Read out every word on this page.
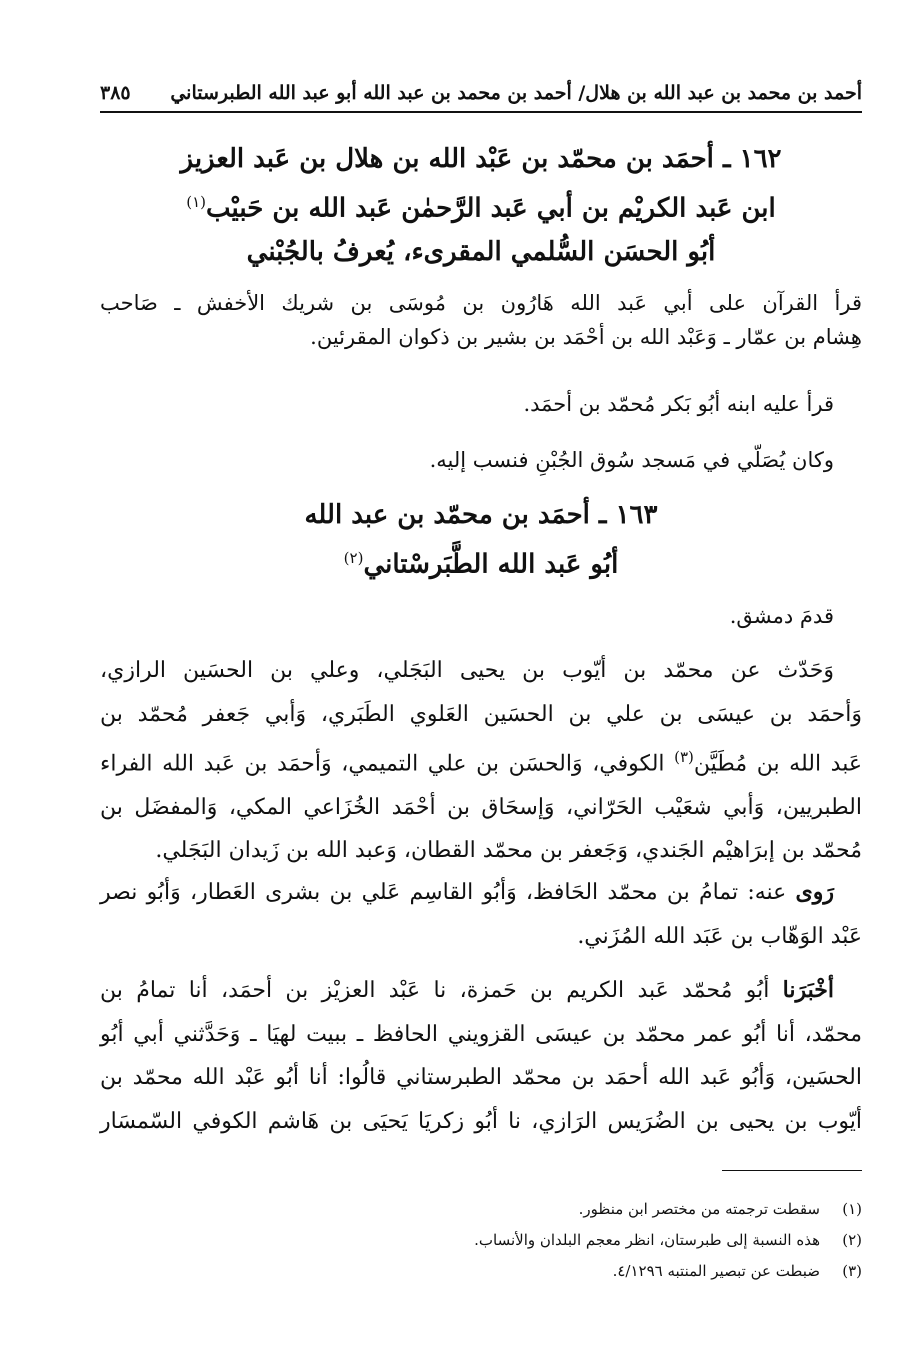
أحمد بن محمد بن عبد الله بن هلال/ أحمد بن محمد بن عبد الله أبو عبد الله الطبرستاني
٣٨٥
١٦٢ ـ أحمَد بن محمّد بن عَبْد الله بن هلال بن عَبد العزيز
ابن عَبد الكريْم بن أبي عَبد الرَّحمٰن عَبد الله بن حَبيْب$^{(١)}$
أبُو الحسَن السُّلمي المقرىء، يُعرفُ بالجُبْني
قرأ القرآن على أبي عَبد الله هَارُون بن مُوسَى بن شريك الأخفش ـ صَاحب
هِشام بن عمّار ـ وَعَبْد الله بن أحْمَد بن بشير بن ذكوان المقرئين.
قرأ عليه ابنه أبُو بَكر مُحمّد بن أحمَد.
وكان يُصَلّي في مَسجد سُوق الجُبْنِ فنسب إليه.
١٦٣ ـ أحمَد بن محمّد بن عبد الله
أبُو عَبد الله الطَّبَرسْتاني$^{(٢)}$
قدمَ دمشق.
وَحَدّث عن محمّد بن أيّوب بن يحيى البَجَلي، وعلي بن الحسَين الرازي،
وَأحمَد بن عيسَى بن علي بن الحسَين العَلوي الطَبَري، وَأبي جَعفر مُحمّد بن
عَبد الله بن مُطَيَّن$^{(٣)}$ الكوفي، وَالحسَن بن علي التميمي، وَأحمَد بن عَبد الله الفراء
الطبريين، وَأبي شعَيْب الحَرّاني، وَإسحَاق بن أحْمَد الخُزَاعي المكي، وَالمفضَل بن
مُحمّد بن إبرَاهيْم الجَندي، وَجَعفر بن محمّد القطان، وَعبد الله بن زَيدان البَجَلي.
رَوى عنه: تمامُ بن محمّد الحَافظ، وَأبُو القاسِم عَلي بن بشرى العَطار، وَأبُو نصر
عَبْد الوَهّاب بن عَبَد الله المُزَني.
أخْبَرَنا أبُو مُحمّد عَبد الكريم بن حَمزة، نا عَبْد العزيْز بن أحمَد، أنا تمامُ بن
محمّد، أنا أبُو عمر محمّد بن عيسَى القزويني الحافظ ـ ببيت لهيَا ـ وَحَدَّثني أبي أبُو
الحسَين، وَأبُو عَبد الله أحمَد بن محمّد الطبرستاني قالُوا: أنا أبُو عَبْد الله محمّد بن
أيّوب بن يحيى بن الضُرَيس الرَازي، نا أبُو زكريَا يَحيَى بن هَاشم الكوفي السّمسَار
(١)
سقطت ترجمته من مختصر ابن منظور.
(٢)
هذه النسبة إلى طبرستان، انظر معجم البلدان والأنساب.
(٣)
ضبطت عن تبصير المنتبه ٤/١٢٩٦.
